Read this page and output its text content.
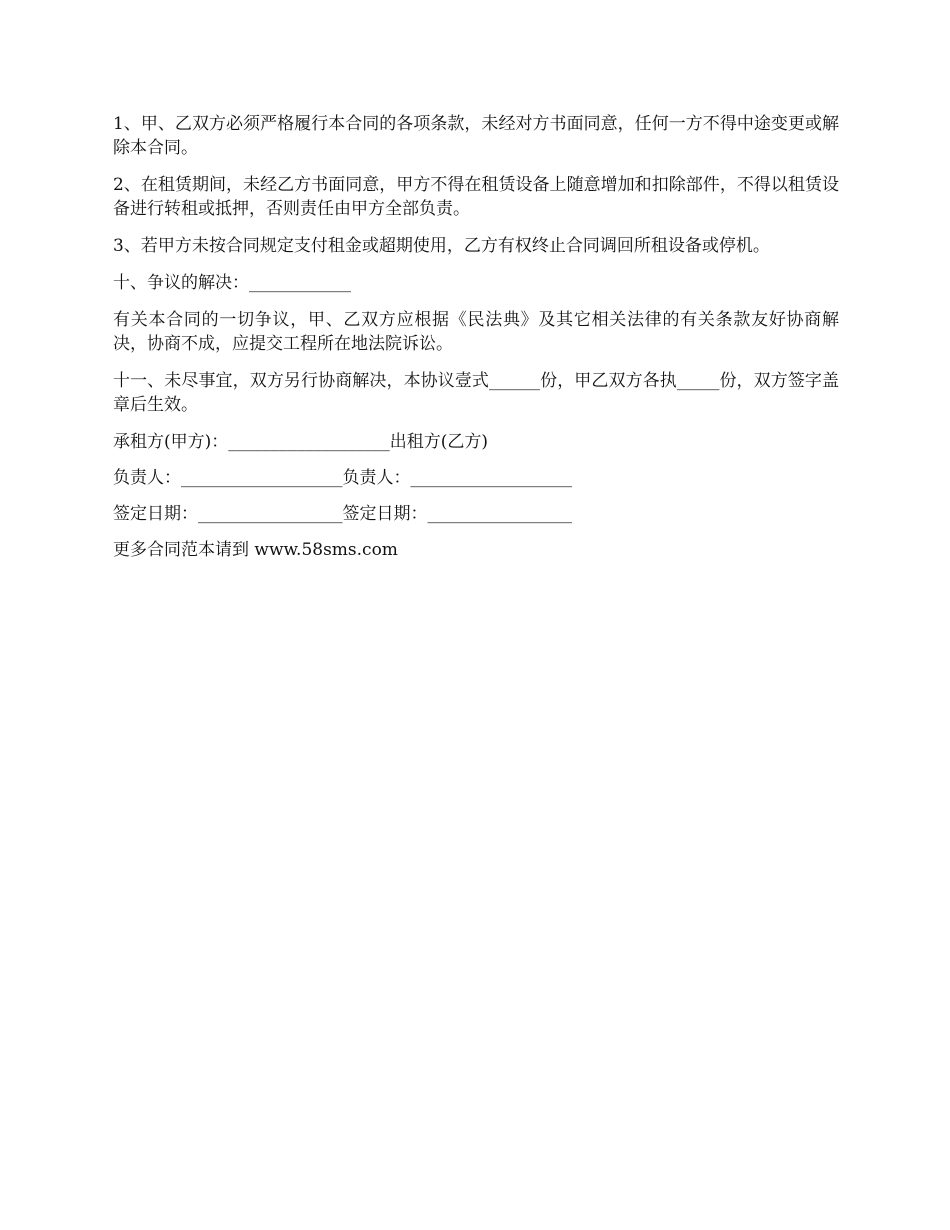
1、甲、乙双方必须严格履行本合同的各项条款，未经对方书面同意，任何一方不得中途变更或解除本合同。

2、在租赁期间，未经乙方书面同意，甲方不得在租赁设备上随意增加和扣除部件，不得以租赁设备进行转租或抵押，否则责任由甲方全部负责。

3、若甲方未按合同规定支付租金或超期使用，乙方有权终止合同调回所租设备或停机。

十、争议的解决：____________

有关本合同的一切争议，甲、乙双方应根据《民法典》及其它相关法律的有关条款友好协商解决，协商不成，应提交工程所在地法院诉讼。

十一、未尽事宜，双方另行协商解决，本协议壹式______份，甲乙双方各执_____份，双方签字盖章后生效。

承租方(甲方)：___________________出租方(乙方)

负责人：___________________负责人：___________________

签定日期：_________________签定日期：_________________

更多合同范本请到 www.58sms.com
